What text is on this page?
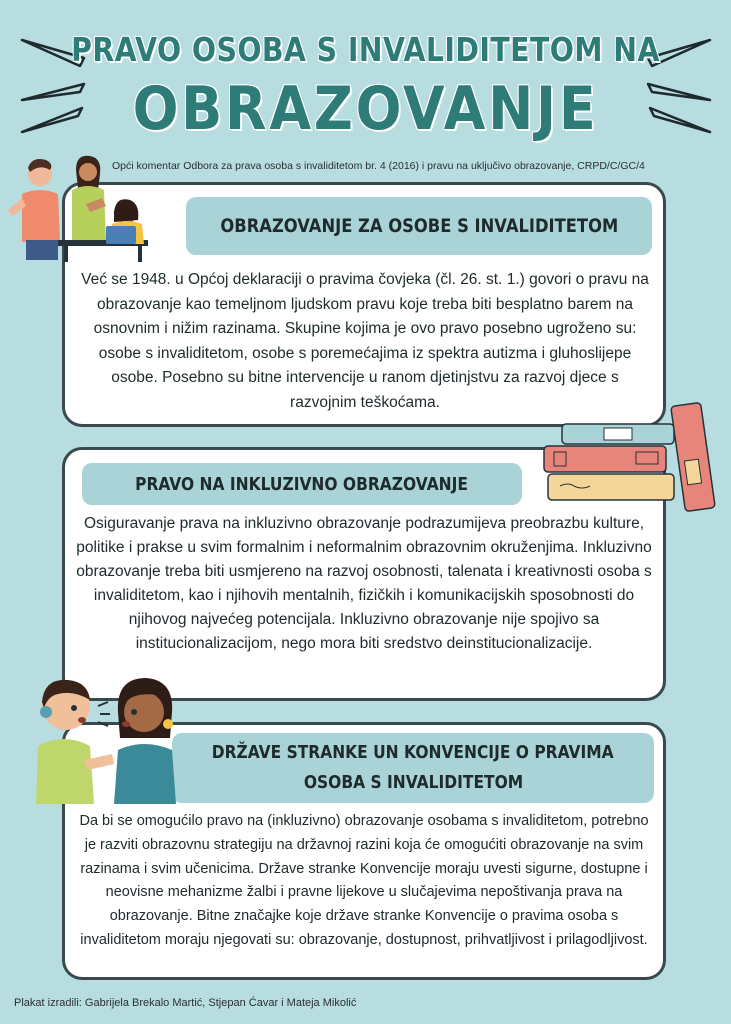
PRAVO OSOBA S INVALIDITETOM NA
OBRAZOVANJE
Opći komentar Odbora za prava osoba s invaliditetom br. 4 (2016) i pravu na uključivo obrazovanje, CRPD/C/GC/4
OBRAZOVANJE ZA OSOBE S INVALIDITETOM
Već se 1948. u Općoj deklaraciji o pravima čovjeka (čl. 26. st. 1.) govori o pravu na obrazovanje kao temeljnom ljudskom pravu koje treba biti besplatno barem na osnovnim i nižim razinama. Skupine kojima je ovo pravo posebno ugroženo su: osobe s invaliditetom, osobe s poremećajima iz spektra autizma i gluhoslijepe osobe. Posebno su bitne intervencije u ranom djetinjstvu za razvoj djece s razvojnim teškoćama.
PRAVO NA INKLUZIVNO OBRAZOVANJE
Osiguravanje prava na inkluzivno obrazovanje podrazumijeva preobrazbu kulture, politike i prakse u svim formalnim i neformalnim obrazovnim okruženjima. Inkluzivno obrazovanje treba biti usmjereno na razvoj osobnosti, talenata i kreativnosti osoba s invaliditetom, kao i njihovih mentalnih, fizičkih i komunikacijskih sposobnosti do njihovog najvećeg potencijala. Inkluzivno obrazovanje nije spojivo sa institucionalizacijom, nego mora biti sredstvo deinstitucionalizacije.
DRŽAVE STRANKE UN KONVENCIJE O PRAVIMA
OSOBA S INVALIDITETOM
Da bi se omogućilo pravo na (inkluzivno) obrazovanje osobama s invaliditetom, potrebno je razviti obrazovnu strategiju na državnoj razini koja će omogućiti obrazovanje na svim razinama i svim učenicima. Države stranke Konvencije moraju uvesti sigurne, dostupne i neovisne mehanizme žalbi i pravne lijekove u slučajevima nepoštivanja prava na obrazovanje. Bitne značajke koje države stranke Konvencije o pravima osoba s invaliditetom moraju njegovati su: obrazovanje, dostupnost, prihvatljivost i prilagodljivost.
Plakat izradili: Gabrijela Brekalo Martić, Stjepan Ćavar i Mateja Mikolić
